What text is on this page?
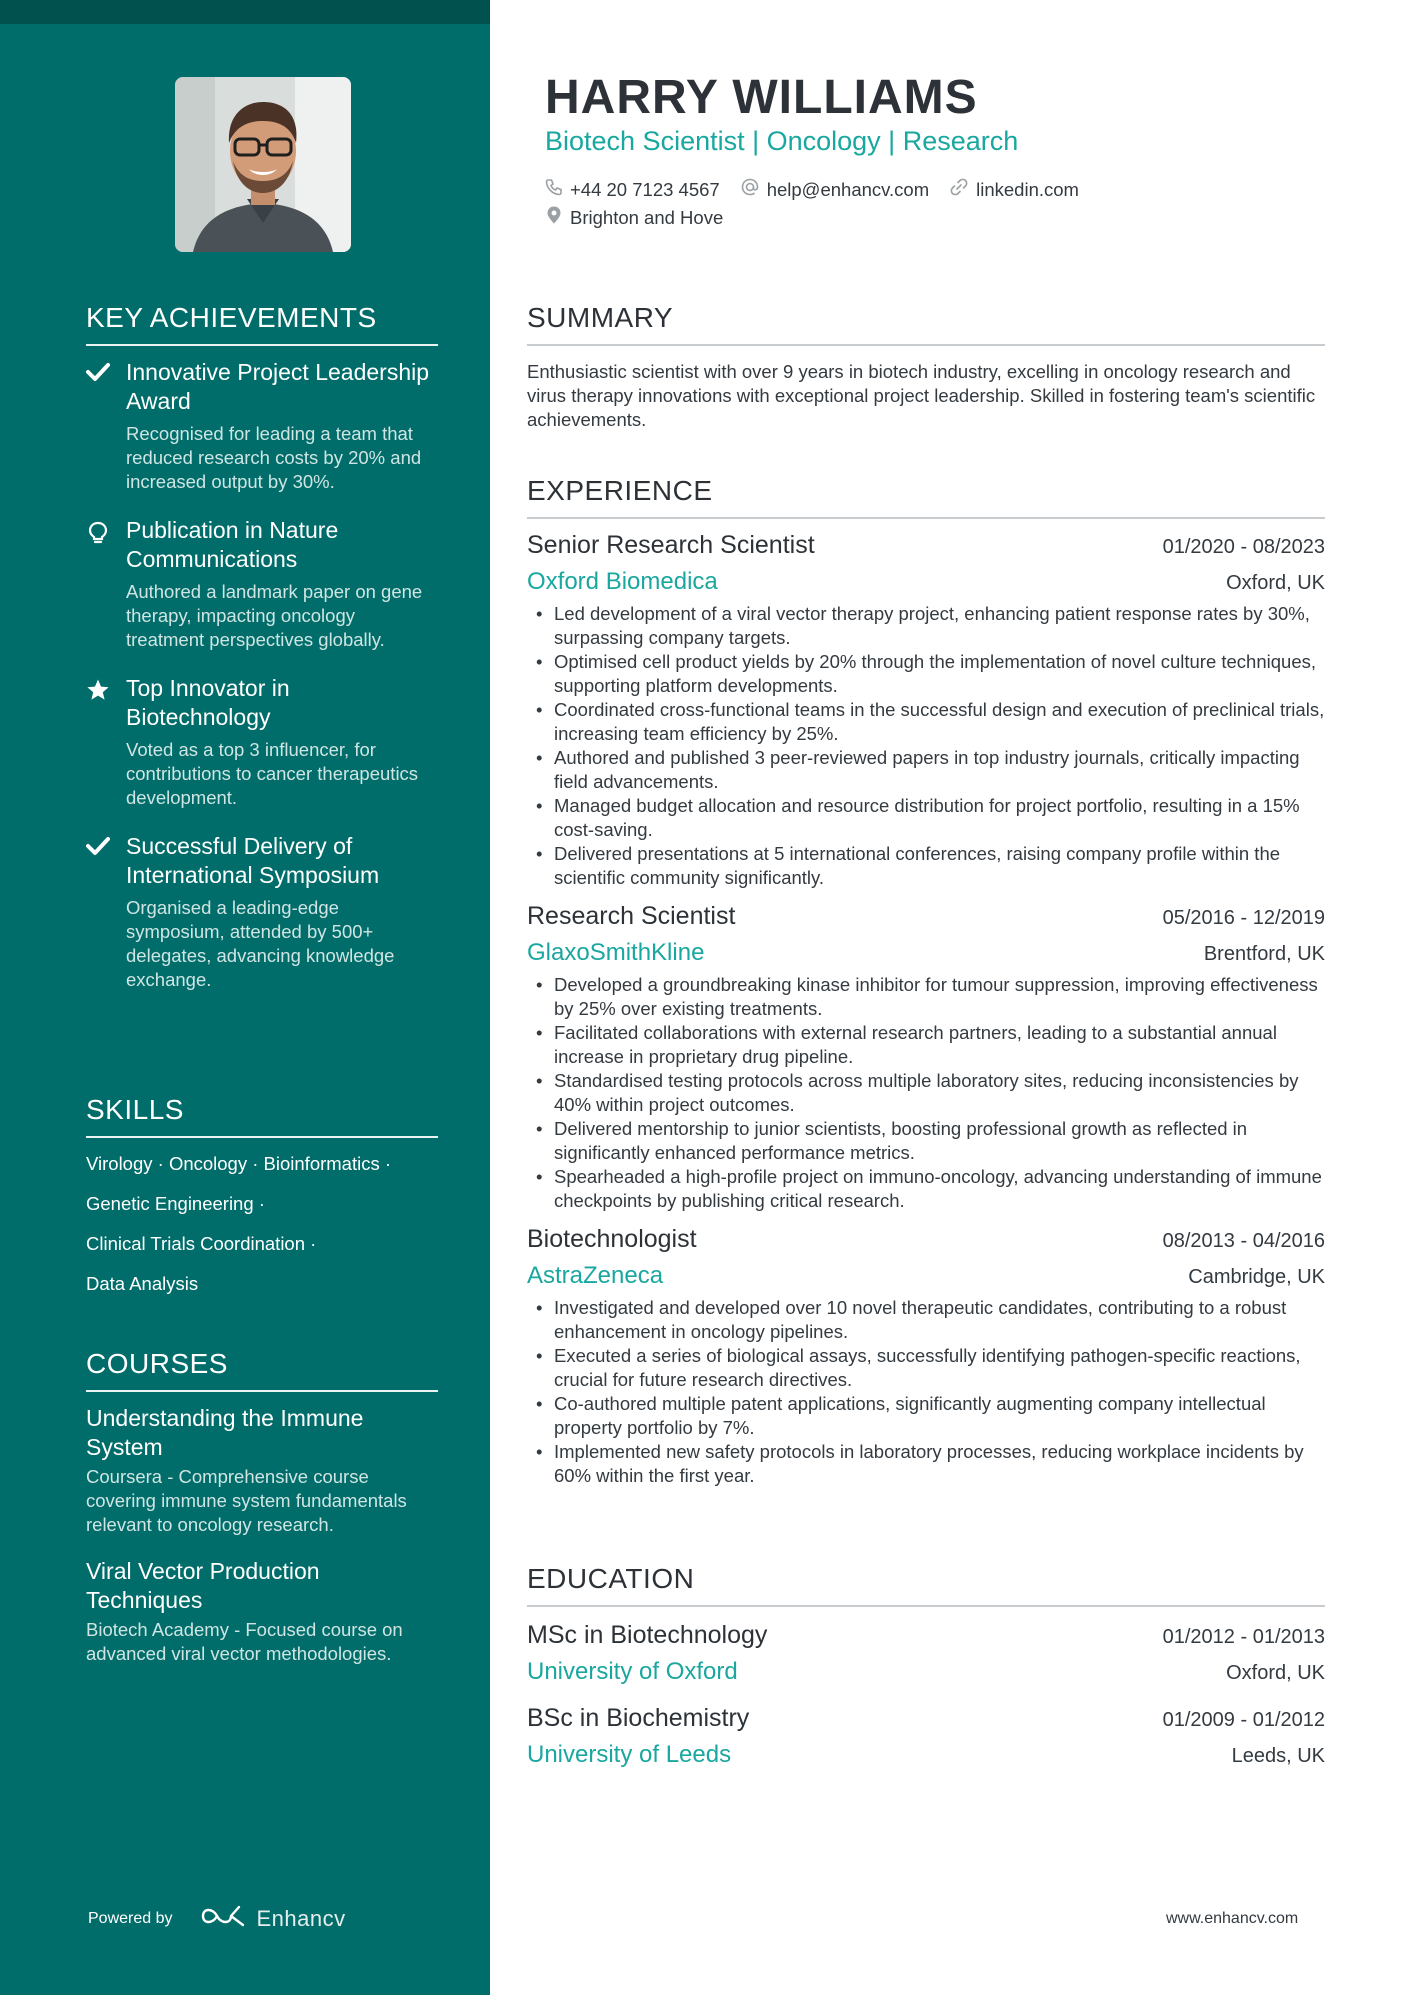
KEY ACHIEVEMENTS
Innovative Project Leadership Award
Recognised for leading a team that reduced research costs by 20% and increased output by 30%.
Publication in Nature Communications
Authored a landmark paper on gene therapy, impacting oncology treatment perspectives globally.
Top Innovator in Biotechnology
Voted as a top 3 influencer, for contributions to cancer therapeutics development.
Successful Delivery of International Symposium
Organised a leading-edge symposium, attended by 500+ delegates, advancing knowledge exchange.
SKILLS
Virology · Oncology · Bioinformatics ·
Genetic Engineering ·
Clinical Trials Coordination ·
Data Analysis
COURSES
Understanding the Immune System
Coursera - Comprehensive course covering immune system fundamentals relevant to oncology research.
Viral Vector Production Techniques
Biotech Academy - Focused course on advanced viral vector methodologies.
Powered by	Enhancv
HARRY WILLIAMS
Biotech Scientist | Oncology | Research
+44 20 7123 4567	help@enhancv.com	linkedin.com
Brighton and Hove
SUMMARY
Enthusiastic scientist with over 9 years in biotech industry, excelling in oncology research and virus therapy innovations with exceptional project leadership. Skilled in fostering team's scientific achievements.
EXPERIENCE
Senior Research Scientist	01/2020 - 08/2023
Oxford Biomedica	Oxford, UK
• Led development of a viral vector therapy project, enhancing patient response rates by 30%, surpassing company targets.
• Optimised cell product yields by 20% through the implementation of novel culture techniques, supporting platform developments.
• Coordinated cross-functional teams in the successful design and execution of preclinical trials, increasing team efficiency by 25%.
• Authored and published 3 peer-reviewed papers in top industry journals, critically impacting field advancements.
• Managed budget allocation and resource distribution for project portfolio, resulting in a 15% cost-saving.
• Delivered presentations at 5 international conferences, raising company profile within the scientific community significantly.
Research Scientist	05/2016 - 12/2019
GlaxoSmithKline	Brentford, UK
• Developed a groundbreaking kinase inhibitor for tumour suppression, improving effectiveness by 25% over existing treatments.
• Facilitated collaborations with external research partners, leading to a substantial annual increase in proprietary drug pipeline.
• Standardised testing protocols across multiple laboratory sites, reducing inconsistencies by 40% within project outcomes.
• Delivered mentorship to junior scientists, boosting professional growth as reflected in significantly enhanced performance metrics.
• Spearheaded a high-profile project on immuno-oncology, advancing understanding of immune checkpoints by publishing critical research.
Biotechnologist	08/2013 - 04/2016
AstraZeneca	Cambridge, UK
• Investigated and developed over 10 novel therapeutic candidates, contributing to a robust enhancement in oncology pipelines.
• Executed a series of biological assays, successfully identifying pathogen-specific reactions, crucial for future research directives.
• Co-authored multiple patent applications, significantly augmenting company intellectual property portfolio by 7%.
• Implemented new safety protocols in laboratory processes, reducing workplace incidents by 60% within the first year.
EDUCATION
MSc in Biotechnology	01/2012 - 01/2013
University of Oxford	Oxford, UK
BSc in Biochemistry	01/2009 - 01/2012
University of Leeds	Leeds, UK
www.enhancv.com
